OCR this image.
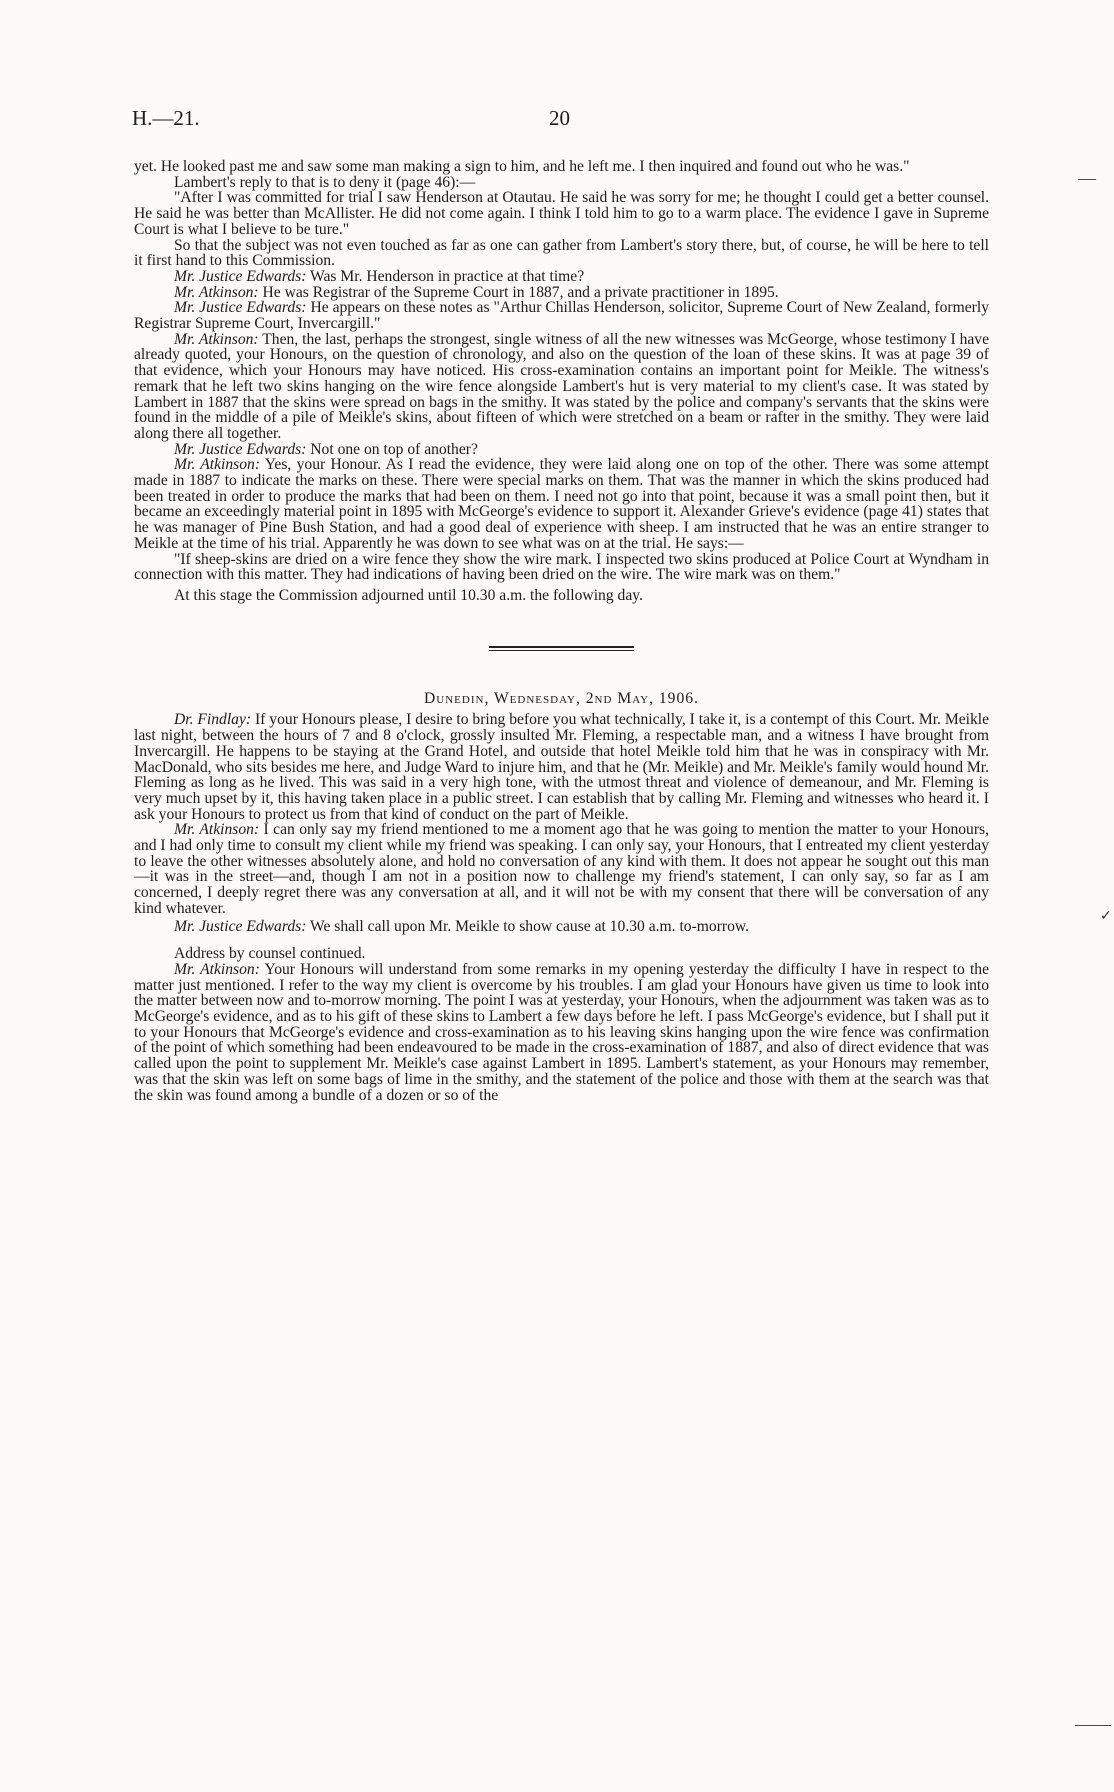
H.—21.	20
—
✓
——

yet. He looked past me and saw some man making a sign to him, and he left me. I then inquired and found out who he was."

Lambert's reply to that is to deny it (page 46):—

"After I was committed for trial I saw Henderson at Otautau. He said he was sorry for me; he thought I could get a better counsel. He said he was better than McAllister. He did not come again. I think I told him to go to a warm place. The evidence I gave in Supreme Court is what I believe to be ture."

So that the subject was not even touched as far as one can gather from Lambert's story there, but, of course, he will be here to tell it first hand to this Commission.

Mr. Justice Edwards: Was Mr. Henderson in practice at that time?

Mr. Atkinson: He was Registrar of the Supreme Court in 1887, and a private practitioner in 1895.

Mr. Justice Edwards: He appears on these notes as "Arthur Chillas Henderson, solicitor, Supreme Court of New Zealand, formerly Registrar Supreme Court, Invercargill."

Mr. Atkinson: Then, the last, perhaps the strongest, single witness of all the new witnesses was McGeorge, whose testimony I have already quoted, your Honours, on the question of chronology, and also on the question of the loan of these skins. It was at page 39 of that evidence, which your Honours may have noticed. His cross-examination contains an important point for Meikle. The witness's remark that he left two skins hanging on the wire fence alongside Lambert's hut is very material to my client's case. It was stated by Lambert in 1887 that the skins were spread on bags in the smithy. It was stated by the police and company's servants that the skins were found in the middle of a pile of Meikle's skins, about fifteen of which were stretched on a beam or rafter in the smithy. They were laid along there all together.

Mr. Justice Edwards: Not one on top of another?

Mr. Atkinson: Yes, your Honour. As I read the evidence, they were laid along one on top of the other. There was some attempt made in 1887 to indicate the marks on these. There were special marks on them. That was the manner in which the skins produced had been treated in order to produce the marks that had been on them. I need not go into that point, because it was a small point then, but it became an exceedingly material point in 1895 with McGeorge's evidence to support it. Alexander Grieve's evidence (page 41) states that he was manager of Pine Bush Station, and had a good deal of experience with sheep. I am instructed that he was an entire stranger to Meikle at the time of his trial. Apparently he was down to see what was on at the trial. He says:—

"If sheep-skins are dried on a wire fence they show the wire mark. I inspected two skins produced at Police Court at Wyndham in connection with this matter. They had indications of having been dried on the wire. The wire mark was on them."

At this stage the Commission adjourned until 10.30 a.m. the following day.

Dunedin, Wednesday, 2nd May, 1906.

Dr. Findlay: If your Honours please, I desire to bring before you what technically, I take it, is a contempt of this Court. Mr. Meikle last night, between the hours of 7 and 8 o'clock, grossly insulted Mr. Fleming, a respectable man, and a witness I have brought from Invercargill. He happens to be staying at the Grand Hotel, and outside that hotel Meikle told him that he was in conspiracy with Mr. MacDonald, who sits besides me here, and Judge Ward to injure him, and that he (Mr. Meikle) and Mr. Meikle's family would hound Mr. Fleming as long as he lived. This was said in a very high tone, with the utmost threat and violence of demeanour, and Mr. Fleming is very much upset by it, this having taken place in a public street. I can establish that by calling Mr. Fleming and witnesses who heard it. I ask your Honours to protect us from that kind of conduct on the part of Meikle.

Mr. Atkinson: I can only say my friend mentioned to me a moment ago that he was going to mention the matter to your Honours, and I had only time to consult my client while my friend was speaking. I can only say, your Honours, that I entreated my client yesterday to leave the other witnesses absolutely alone, and hold no conversation of any kind with them. It does not appear he sought out this man—it was in the street—and, though I am not in a position now to challenge my friend's statement, I can only say, so far as I am concerned, I deeply regret there was any conversation at all, and it will not be with my consent that there will be conversation of any kind whatever.

Mr. Justice Edwards: We shall call upon Mr. Meikle to show cause at 10.30 a.m. to-morrow.

Address by counsel continued.

Mr. Atkinson: Your Honours will understand from some remarks in my opening yesterday the difficulty I have in respect to the matter just mentioned. I refer to the way my client is overcome by his troubles. I am glad your Honours have given us time to look into the matter between now and to-morrow morning. The point I was at yesterday, your Honours, when the adjournment was taken was as to McGeorge's evidence, and as to his gift of these skins to Lambert a few days before he left. I pass McGeorge's evidence, but I shall put it to your Honours that McGeorge's evidence and cross-examination as to his leaving skins hanging upon the wire fence was confirmation of the point of which something had been endeavoured to be made in the cross-examination of 1887, and also of direct evidence that was called upon the point to supplement Mr. Meikle's case against Lambert in 1895. Lambert's statement, as your Honours may remember, was that the skin was left on some bags of lime in the smithy, and the statement of the police and those with them at the search was that the skin was found among a bundle of a dozen or so of the
